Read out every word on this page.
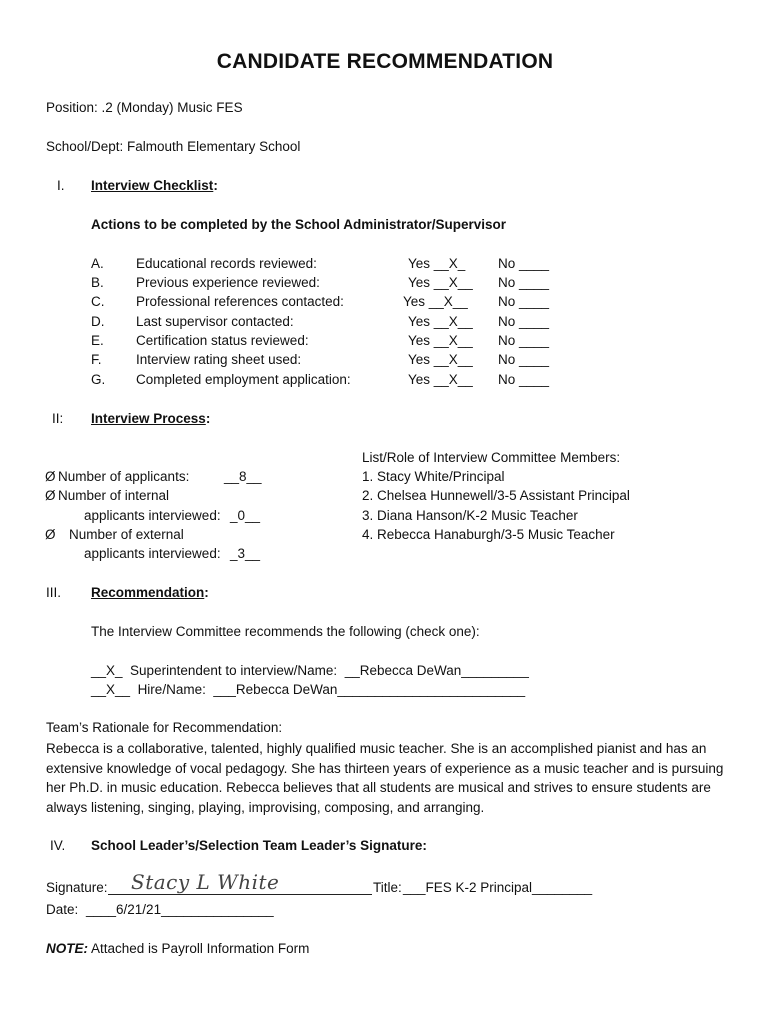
CANDIDATE RECOMMENDATION
Position: .2 (Monday) Music FES
School/Dept: Falmouth Elementary School
I. Interview Checklist:
Actions to be completed by the School Administrator/Supervisor
A. Educational records reviewed:	Yes __X_ No ____
B. Previous experience reviewed:	Yes __X__ No ____
C. Professional references contacted:	Yes __X__ No ____
D. Last supervisor contacted:	Yes __X__ No ____
E. Certification status reviewed:	Yes __X__ No ____
F.	Interview rating sheet used:	Yes __X__ No ____
G. Completed employment application:	Yes __X__ No ____
II: Interview Process:
List/Role of Interview Committee Members:
1. Stacy White/Principal
2. Chelsea Hunnewell/3-5 Assistant Principal
3. Diana Hanson/K-2 Music Teacher
4. Rebecca Hanaburgh/3-5 Music Teacher
Ø Number of applicants:	__8__
Ø Number of internal
applicants interviewed: _0__
Ø Number of external
applicants interviewed: _3__
III. Recommendation:
The Interview Committee recommends the following (check one):
__X_ Superintendent to interview/Name: __Rebecca DeWan_________
__X__ Hire/Name: ___Rebecca DeWan_________________________
Team’s Rationale for Recommendation:
Rebecca is a collaborative, talented, highly qualified music teacher. She is an accomplished pianist and has an extensive knowledge of vocal pedagogy. She has thirteen years of experience as a music teacher and is pursuing her Ph.D. in music education. Rebecca believes that all students are musical and strives to ensure students are always listening, singing, playing, improvising, composing, and arranging.
IV. School Leader’s/Selection Team Leader’s Signature:
Signature: Stacy L White	Title: ___FES K-2 Principal________
Date: ____6/21/21_______________
NOTE: Attached is Payroll Information Form
